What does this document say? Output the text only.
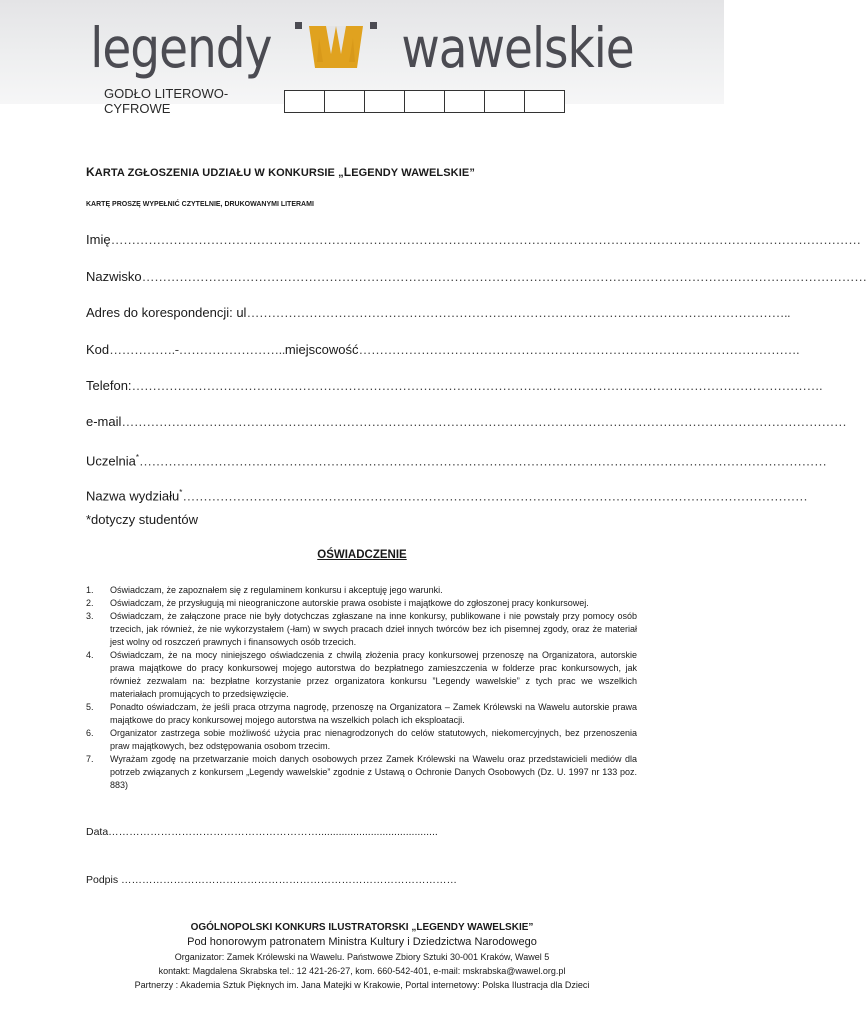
legendy	wawelskie
GODŁO LITEROWO-CYFROWE
KARTA ZGŁOSZENIA UDZIAŁU W KONKURSIE „LEGENDY WAWELSKIE”
KARTĘ PROSZĘ WYPEŁNIĆ CZYTELNIE, DRUKOWANYMI LITERAMI
Imię………………………………………………………………………………………………………………………………………………………………
Nazwisko…………………………………………………………………………………………………………………………………………………………
Adres do korespondencji: ul…………………………………………………………………………………………………………………..
Kod…………….-……………………..miejscowość…………………………………………………………………………………………….
Telefon:………………………………………………………………………………………………………………………………………………….
e-mail…………………………………………………………………………………………………………………………………………………………
Uczelnia*…………………………………………………………………………………………………………………………………………………
Nazwa wydziału*……………………………………………………………………………………………………………………………………
*dotyczy studentów
OŚWIADCZENIE
1.	Oświadczam, że zapoznałem się z regulaminem konkursu i akceptuję jego warunki.
2.	Oświadczam, że przysługują mi nieograniczone autorskie prawa osobiste i majątkowe do zgłoszonej pracy konkursowej.
3.	Oświadczam, że załączone prace nie były dotychczas zgłaszane na inne konkursy, publikowane i nie powstały przy pomocy osób trzecich, jak również, że nie wykorzystałem (-łam) w swych pracach dzieł innych twórców bez ich pisemnej zgody, oraz że materiał jest wolny od roszczeń prawnych i finansowych osób trzecich.
4.	Oświadczam, że na mocy niniejszego oświadczenia z chwilą złożenia pracy konkursowej przenoszę na Organizatora, autorskie prawa majątkowe do pracy konkursowej mojego autorstwa do bezpłatnego zamieszczenia w folderze prac konkursowych, jak również zezwalam na: bezpłatne korzystanie przez organizatora konkursu ”Legendy wawelskie” z tych prac we wszelkich materiałach promujących to przedsięwzięcie.
5.	Ponadto oświadczam, że jeśli praca otrzyma nagrodę, przenoszę na Organizatora – Zamek Królewski na Wawelu autorskie prawa majątkowe do pracy konkursowej mojego autorstwa na wszelkich polach ich eksploatacji.
6.	Organizator zastrzega sobie możliwość użycia prac nienagrodzonych do celów statutowych, niekomercyjnych, bez przenoszenia praw majątkowych, bez odstępowania osobom trzecim.
7.	Wyrażam zgodę na przetwarzanie moich danych osobowych przez Zamek Królewski na Wawelu oraz przedstawicieli mediów dla potrzeb związanych z konkursem „Legendy wawelskie” zgodnie z Ustawą o Ochronie Danych Osobowych (Dz. U. 1997 nr 133 poz. 883)
Data…………………………………………………….........................................
Podpis ……………………………………………………………………………………
OGÓLNOPOLSKI KONKURS ILUSTRATORSKI „LEGENDY WAWELSKIE”
Pod honorowym patronatem Ministra Kultury i Dziedzictwa Narodowego
Organizator: Zamek Królewski na Wawelu. Państwowe Zbiory Sztuki 30-001 Kraków, Wawel 5
kontakt: Magdalena Skrabska tel.: 12 421-26-27, kom. 660-542-401, e-mail: mskrabska@wawel.org.pl
Partnerzy : Akademia Sztuk Pięknych im. Jana Matejki w Krakowie, Portal internetowy: Polska Ilustracja dla Dzieci
